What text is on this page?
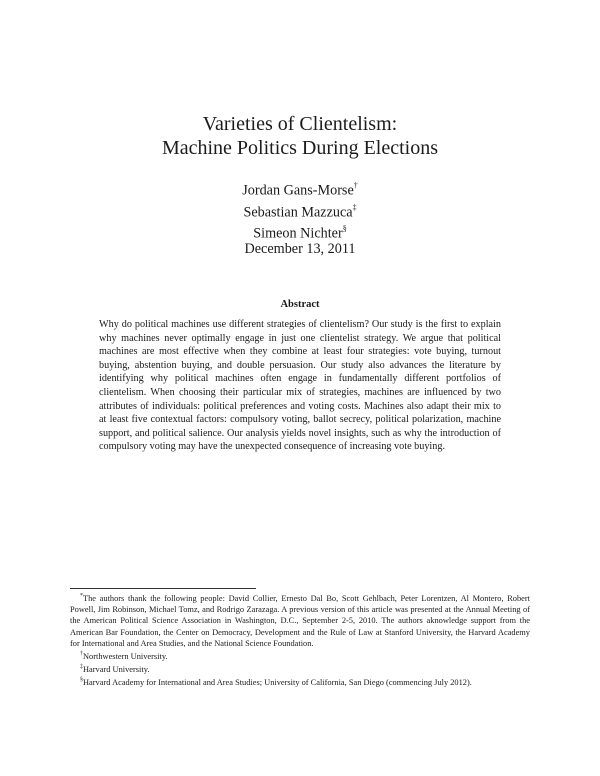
Varieties of Clientelism:
Machine Politics During Elections
Jordan Gans-Morse†
Sebastian Mazzuca‡
Simeon Nichter§
December 13, 2011
Abstract
Why do political machines use different strategies of clientelism? Our study is the first to explain why machines never optimally engage in just one clientelist strategy. We argue that political machines are most effective when they combine at least four strategies: vote buying, turnout buying, abstention buying, and double persuasion. Our study also advances the literature by identifying why political machines often engage in fundamentally different portfolios of clientelism. When choosing their particular mix of strategies, machines are influenced by two attributes of individuals: political preferences and voting costs. Machines also adapt their mix to at least five contextual factors: compulsory voting, ballot secrecy, political polarization, machine support, and political salience. Our analysis yields novel insights, such as why the introduction of compulsory voting may have the unexpected consequence of increasing vote buying.

*The authors thank the following people: David Collier, Ernesto Dal Bo, Scott Gehlbach, Peter Lorentzen, Al Montero, Robert Powell, Jim Robinson, Michael Tomz, and Rodrigo Zarazaga. A previous version of this article was presented at the Annual Meeting of the American Political Science Association in Washington, D.C., September 2-5, 2010. The authors aknowledge support from the American Bar Foundation, the Center on Democracy, Development and the Rule of Law at Stanford University, the Harvard Academy for International and Area Studies, and the National Science Foundation.

†Northwestern University.

‡Harvard University.

§Harvard Academy for International and Area Studies; University of California, San Diego (commencing July 2012).
